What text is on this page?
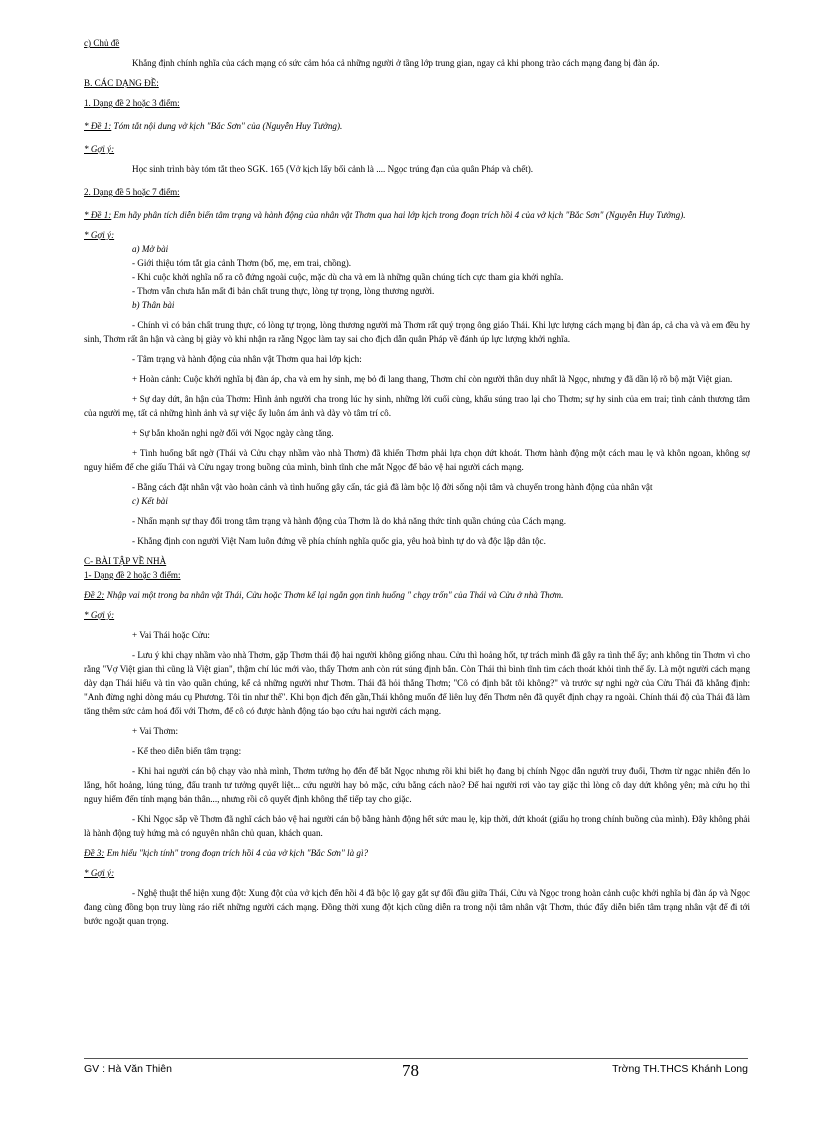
c) Chủ đề

Khẳng định chính nghĩa của cách mạng có sức cảm hóa cả những người ở tầng lớp trung gian, ngay cả khi phong trào cách mạng đang bị đàn áp.

B. CÁC DẠNG ĐỀ:

1. Dạng đề 2 hoặc 3 điểm:

* Đề 1: Tóm tắt nội dung vở kịch "Bắc Sơn" của (Nguyễn Huy Tưởng).

* Gợi ý:

Học sinh trình bày tóm tắt theo SGK. 165 (Vở kịch lấy bối cảnh là .... Ngọc trúng đạn của quân Pháp và chết).

2. Dạng đề 5 hoặc 7 điểm:

* Đề 1: Em hãy phân tích diễn biến tâm trạng và hành động của nhân vật Thơm qua hai lớp kịch trong đoạn trích hồi 4 của vở kịch "Bắc Sơn" (Nguyễn Huy Tưởng).

* Gợi ý:

a) Mở bài

- Giới thiệu tóm tắt gia cảnh Thơm (bố, mẹ, em trai, chồng).

- Khi cuộc khởi nghĩa nổ ra cô đứng ngoài cuộc, mặc dù cha và em là những quần chúng tích cực tham gia khởi nghĩa.

- Thơm vẫn chưa hẳn mất đi bản chất trung thực, lòng tự trọng, lòng thương người.

b) Thân bài

- Chính vì có bản chất trung thực, có lòng tự trọng, lòng thương người mà Thơm rất quý trọng ông giáo Thái. Khi lực lượng cách mạng bị đàn áp, cả cha và và em đều hy sinh, Thơm rất ân hận và càng bị giày vò khi nhận ra rằng Ngọc làm tay sai cho địch dẫn quân Pháp về đánh úp lực lượng khởi nghĩa.

- Tâm trạng và hành động của nhân vật Thơm qua hai lớp kịch:

+ Hoàn cảnh: Cuộc khởi nghĩa bị đàn áp, cha và em hy sinh, mẹ bỏ đi lang thang, Thơm chỉ còn người thân duy nhất là Ngọc, nhưng y đã dần lộ rõ bộ mặt Việt gian.

+ Sự day dứt, ân hận của Thơm: Hình ảnh người cha trong lúc hy sinh, những lời cuối cùng, khẩu súng trao lại cho Thơm; sự hy sinh của em trai; tình cảnh thương tâm của người mẹ, tất cả những hình ảnh và sự việc ấy luôn ám ảnh và dày vò tâm trí cô.

+ Sự bắn khoăn nghi ngờ đối với Ngọc ngày càng tăng.

+ Tình huống bất ngờ (Thái và Cửu chạy nhầm vào nhà Thơm) đã khiến Thơm phải lựa chọn dứt khoát. Thơm hành động một cách mau lẹ và khôn ngoan, không sợ nguy hiểm để che giấu Thái và Cửu ngay trong buồng của mình, bình tĩnh che mắt Ngọc để bảo vệ hai người cách mạng.

- Bằng cách đặt nhân vật vào hoàn cảnh và tình huống gây cấn, tác giả đã làm bộc lộ đời sống nội tâm và chuyển trong hành động của nhân vật

c) Kết bài

- Nhấn mạnh sự thay đổi trong tâm trạng và hành động của Thơm là do khả năng thức tỉnh quần chúng của Cách mạng.

- Khẳng định con người Việt Nam luôn đứng về phía chính nghĩa quốc gia, yêu hoà bình tự do và độc lập dân tộc.

C- BÀI TẬP VỀ NHÀ

1- Dạng đề 2 hoặc 3 điểm:

Đề 2: Nhập vai một trong ba nhân vật Thái, Cửu hoặc Thơm kể lại ngắn gọn tình huống " chạy trốn" của Thái và Cửu ở nhà Thơm.

* Gợi ý:

+ Vai Thái hoặc Cửu:

- Lưu ý khi chạy nhầm vào nhà Thơm, gặp Thơm thái độ hai người không giống nhau. Cửu thì hoảng hốt, tự trách mình đã gây ra tình thế ấy; anh không tin Thơm vì cho rằng "Vợ Việt gian thì cũng là Việt gian", thậm chí lúc mới vào, thấy Thơm anh còn rút súng định bắn. Còn Thái thì bình tĩnh tìm cách thoát khỏi tình thế ấy. Là một người cách mạng dày dạn Thái hiểu và tin vào quần chúng, kể cả những người như Thơm. Thái đã hỏi thẳng Thơm; "Cô có định bắt tôi không?" và trước sự nghi ngờ của Cửu Thái đã khẳng định: "Anh đừng nghi dòng máu cụ Phương. Tôi tin như thế". Khi bọn địch đến gần,Thái không muốn để liên luỵ đến Thơm nên đã quyết định chạy ra ngoài. Chính thái độ của Thái đã làm tăng thêm sức cảm hoá đối với Thơm, để cô có được hành động táo bạo cứu hai người cách mạng.

+ Vai Thơm:

- Kể theo diễn biến tâm trạng:

- Khi hai người cán bộ chạy vào nhà mình, Thơm tưởng họ đến để bắt Ngọc nhưng rồi khi biết họ đang bị chính Ngọc dẫn người truy đuổi, Thơm từ ngạc nhiên đến lo lắng, hốt hoảng, lúng túng, đấu tranh tư tưởng quyết liệt... cứu người hay bỏ mặc, cứu bằng cách nào? Để hai người rơi vào tay giặc thì lòng cô day dứt không yên; mà cứu họ thì nguy hiểm đến tính mạng bản thân..., nhưng rồi cô quyết định không thể tiếp tay cho giặc.

- Khi Ngọc sắp về Thơm đã nghĩ cách bảo vệ hai người cán bộ bằng hành động hết sức mau lẹ, kịp thời, dứt khoát (giấu họ trong chính buồng của mình). Đây không phải là hành động tuỳ hứng mà có nguyên nhân chủ quan, khách quan.

Đề 3: Em hiểu "kịch tính" trong đoạn trích hồi 4 của vở kịch "Bắc Sơn" là gì?

* Gợi ý:

- Nghệ thuật thể hiện xung đột: Xung đột của vở kịch đến hồi 4 đã bộc lộ gay gắt sự đối đầu giữa Thái, Cửu và Ngọc trong hoàn cảnh cuộc khởi nghĩa bị đàn áp và Ngọc đang cùng đồng bọn truy lùng ráo riết những người cách mạng. Đồng thời xung đột kịch cũng diễn ra trong nội tâm nhân vật Thơm, thúc đẩy diễn biến tâm trạng nhân vật để đi tới bước ngoặt quan trọng.

GV : Hà Văn Thiên	78	Trờng TH.THCS Khánh Long
